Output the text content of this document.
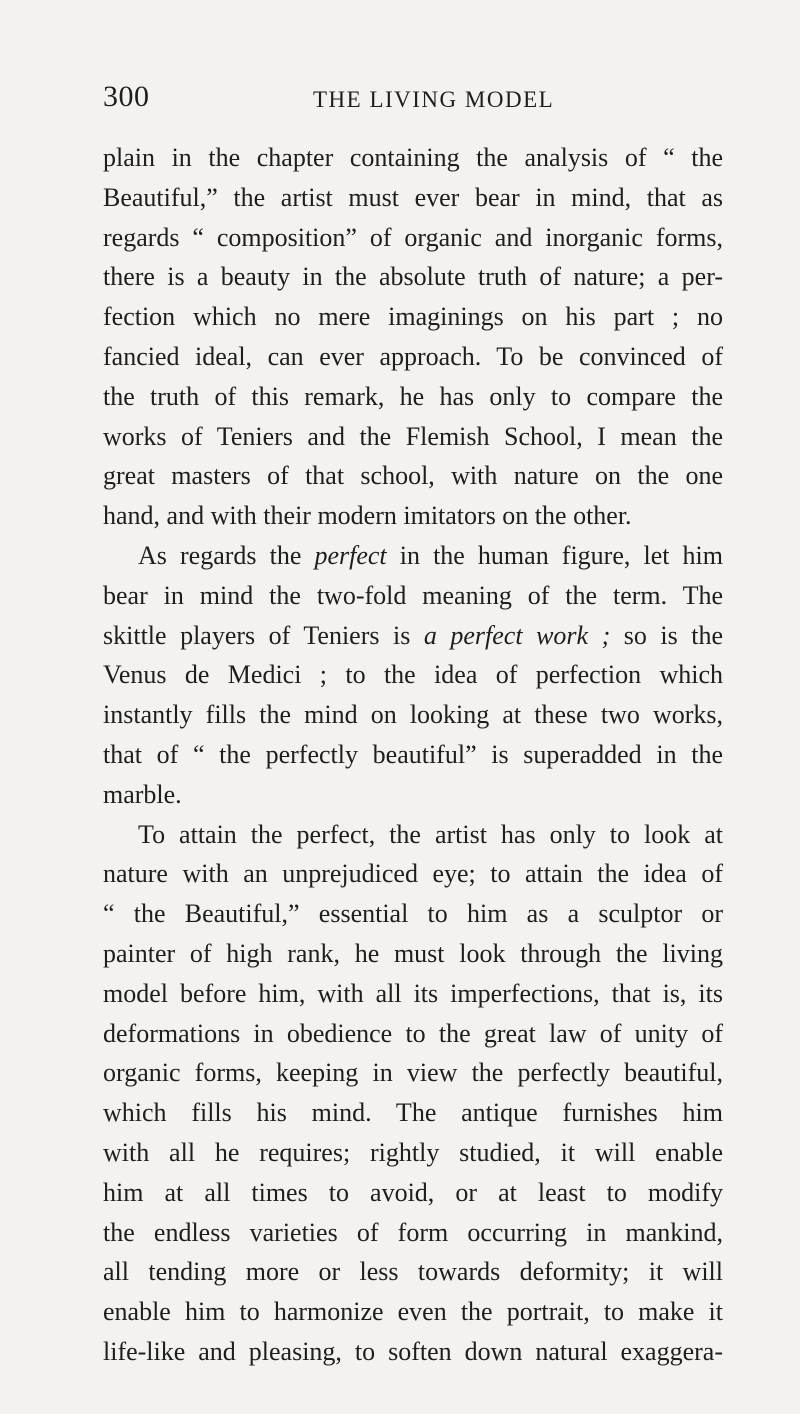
300	THE LIVING MODEL
plain in the chapter containing the analysis of “ the
Beautiful,” the artist must ever bear in mind, that as
regards “ composition” of organic and inorganic forms,
there is a beauty in the absolute truth of nature; a per-
fection which no mere imaginings on his part ; no
fancied ideal, can ever approach. To be convinced of
the truth of this remark, he has only to compare the
works of Teniers and the Flemish School, I mean the
great masters of that school, with nature on the one
hand, and with their modern imitators on the other.
As regards the perfect in the human figure, let him
bear in mind the two-fold meaning of the term. The
skittle players of Teniers is a perfect work ; so is the
Venus de Medici ; to the idea of perfection which
instantly fills the mind on looking at these two works,
that of “ the perfectly beautiful” is superadded in the
marble.
To attain the perfect, the artist has only to look at
nature with an unprejudiced eye; to attain the idea of
“ the Beautiful,” essential to him as a sculptor or
painter of high rank, he must look through the living
model before him, with all its imperfections, that is, its
deformations in obedience to the great law of unity of
organic forms, keeping in view the perfectly beautiful,
which fills his mind. The antique furnishes him
with all he requires; rightly studied, it will enable
him at all times to avoid, or at least to modify
the endless varieties of form occurring in mankind,
all tending more or less towards deformity; it will
enable him to harmonize even the portrait, to make it
life-like and pleasing, to soften down natural exaggera-
